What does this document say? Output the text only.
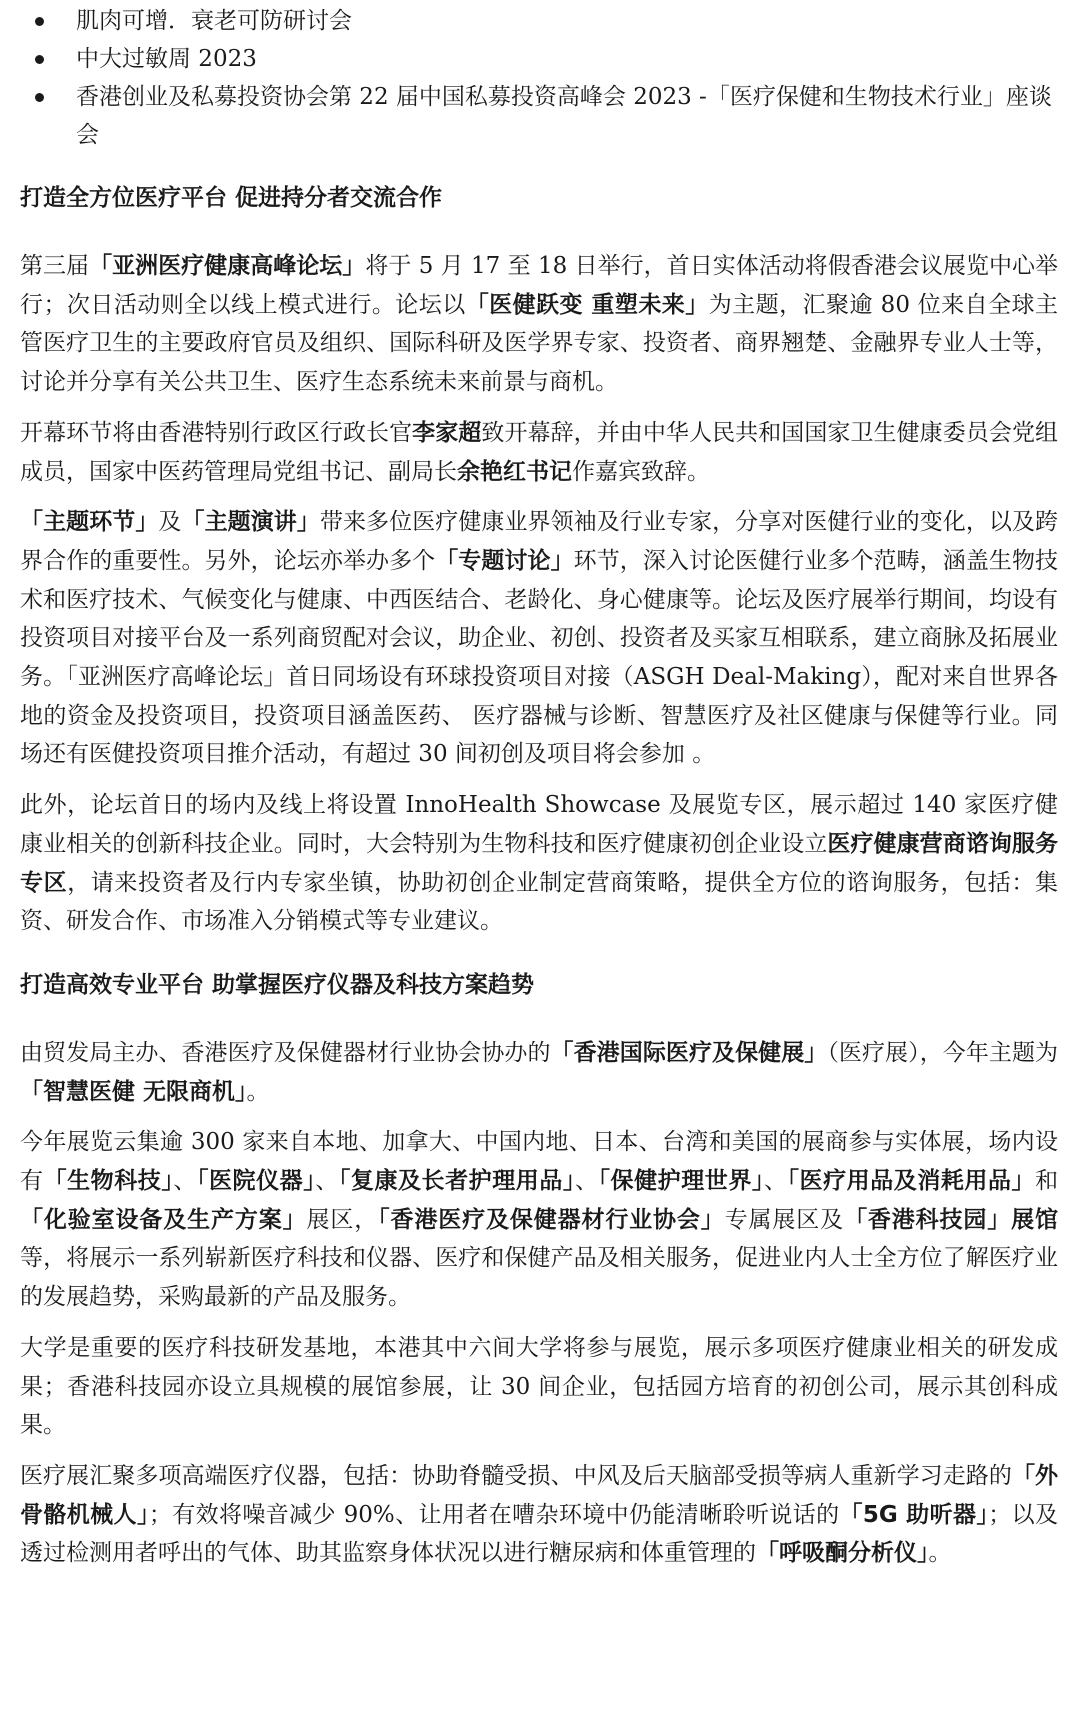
肌肉可增．衰老可防研讨会
中大过敏周 2023
香港创业及私募投资协会第 22 届中国私募投资高峰会 2023 -「医疗保健和生物技术行业」座谈会
打造全方位医疗平台 促进持分者交流合作

第三届「亚洲医疗健康高峰论坛」将于 5 月 17 至 18 日举行，首日实体活动将假香港会议展览中心举行；次日活动则全以线上模式进行。论坛以「医健跃变 重塑未来」为主题，汇聚逾 80 位来自全球主管医疗卫生的主要政府官员及组织、国际科研及医学界专家、投资者、商界翘楚、金融界专业人士等，讨论并分享有关公共卫生、医疗生态系统未来前景与商机。

开幕环节将由香港特别行政区行政长官李家超致开幕辞，并由中华人民共和国国家卫生健康委员会党组成员，国家中医药管理局党组书记、副局长余艳红书记作嘉宾致辞。

「主题环节」及「主题演讲」带来多位医疗健康业界领袖及行业专家，分享对医健行业的变化，以及跨界合作的重要性。另外，论坛亦举办多个「专题讨论」环节，深入讨论医健行业多个范畴，涵盖生物技术和医疗技术、气候变化与健康、中西医结合、老龄化、身心健康等。论坛及医疗展举行期间，均设有投资项目对接平台及一系列商贸配对会议，助企业、初创、投资者及买家互相联系，建立商脉及拓展业务。「亚洲医疗高峰论坛」首日同场设有环球投资项目对接（ASGH Deal-Making），配对来自世界各地的资金及投资项目，投资项目涵盖医药、 医疗器械与诊断、智慧医疗及社区健康与保健等行业。同场还有医健投资项目推介活动，有超过 30 间初创及项目将会参加 。

此外，论坛首日的场内及线上将设置 InnoHealth Showcase 及展览专区，展示超过 140 家医疗健康业相关的创新科技企业。同时，大会特别为生物科技和医疗健康初创企业设立医疗健康营商谘询服务专区，请来投资者及行内专家坐镇，协助初创企业制定营商策略，提供全方位的谘询服务，包括：集资、研发合作、市场准入分销模式等专业建议。

打造高效专业平台 助掌握医疗仪器及科技方案趋势

由贸发局主办、香港医疗及保健器材行业协会协办的「香港国际医疗及保健展」（医疗展），今年主题为「智慧医健 无限商机」。

今年展览云集逾 300 家来自本地、加拿大、中国内地、日本、台湾和美国的展商参与实体展，场内设有「生物科技」、「医院仪器」、「复康及长者护理用品」、「保健护理世界」、「医疗用品及消耗用品」和「化验室设备及生产方案」展区，「香港医疗及保健器材行业协会」专属展区及「香港科技园」展馆等，将展示一系列崭新医疗科技和仪器、医疗和保健产品及相关服务，促进业内人士全方位了解医疗业的发展趋势，采购最新的产品及服务。

大学是重要的医疗科技研发基地，本港其中六间大学将参与展览，展示多项医疗健康业相关的研发成果；香港科技园亦设立具规模的展馆参展，让 30 间企业，包括园方培育的初创公司，展示其创科成果。

医疗展汇聚多项高端医疗仪器，包括：协助脊髓受损、中风及后天脑部受损等病人重新学习走路的「外骨骼机械人」；有效将噪音减少 90%、让用者在嘈杂环境中仍能清晰聆听说话的「5G 助听器」；以及透过检测用者呼出的气体、助其监察身体状况以进行糖尿病和体重管理的「呼吸酮分析仪」。
